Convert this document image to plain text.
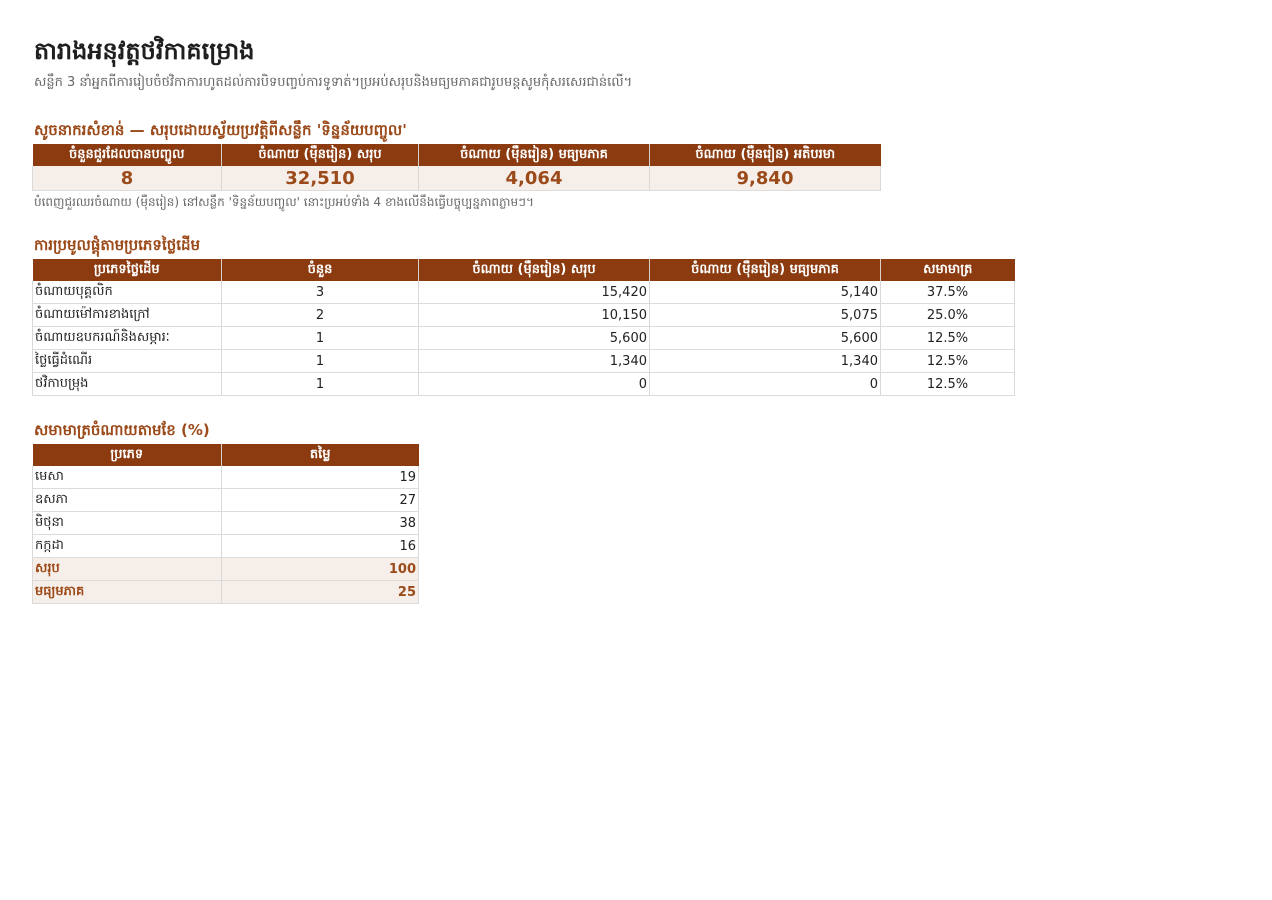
តារាងអនុវត្តថវិកាគម្រោង
សន្លឹក 3 នាំអ្នកពីការរៀបចំថវិកាការហូតដល់ការបិទបញ្ចប់ការទូទាត់។ប្រអប់សរុបនិងមធ្យមភាគជារូបមន្តសូមកុំសរសេរជាន់លើ។
សូចនាករសំខាន់ — សរុបដោយស្វ័យប្រវត្តិពីសន្លឹក 'ទិន្នន័យបញ្ចូល'
ចំនួនជួរដែលបានបញ្ចូល	ចំណាយ (ម៉ឺនរៀន) សរុប	ចំណាយ (ម៉ឺនរៀន) មធ្យមភាគ	ចំណាយ (ម៉ឺនរៀន) អតិបរមា
8	32,510	4,064	9,840
បំពេញជួរឈរចំណាយ (ម៉ឺនរៀន) នៅសន្លឹក 'ទិន្នន័យបញ្ចូល' នោះប្រអប់ទាំង 4 ខាងលើនឹងធ្វើបច្ចុប្បន្នភាពភ្លាមៗ។
ការប្រមូលផ្តុំតាមប្រភេទថ្លៃដើម
ប្រភេទថ្លៃដើម	ចំនួន	ចំណាយ (ម៉ឺនរៀន) សរុប	ចំណាយ (ម៉ឺនរៀន) មធ្យមភាគ	សមាមាត្រ
ចំណាយបុគ្គលិក	3	15,420	5,140	37.5%
ចំណាយម៉ៅការខាងក្រៅ	2	10,150	5,075	25.0%
ចំណាយឧបករណ៍និងសម្ភារៈ	1	5,600	5,600	12.5%
ថ្លៃធ្វើដំណើរ	1	1,340	1,340	12.5%
ថវិកាបម្រុង	1	0	0	12.5%
សមាមាត្រចំណាយតាមខែ (%)
ប្រភេទ	តម្លៃ
មេសា	19
ឧសភា	27
មិថុនា	38
កក្កដា	16
សរុប	100
មធ្យមភាគ	25
